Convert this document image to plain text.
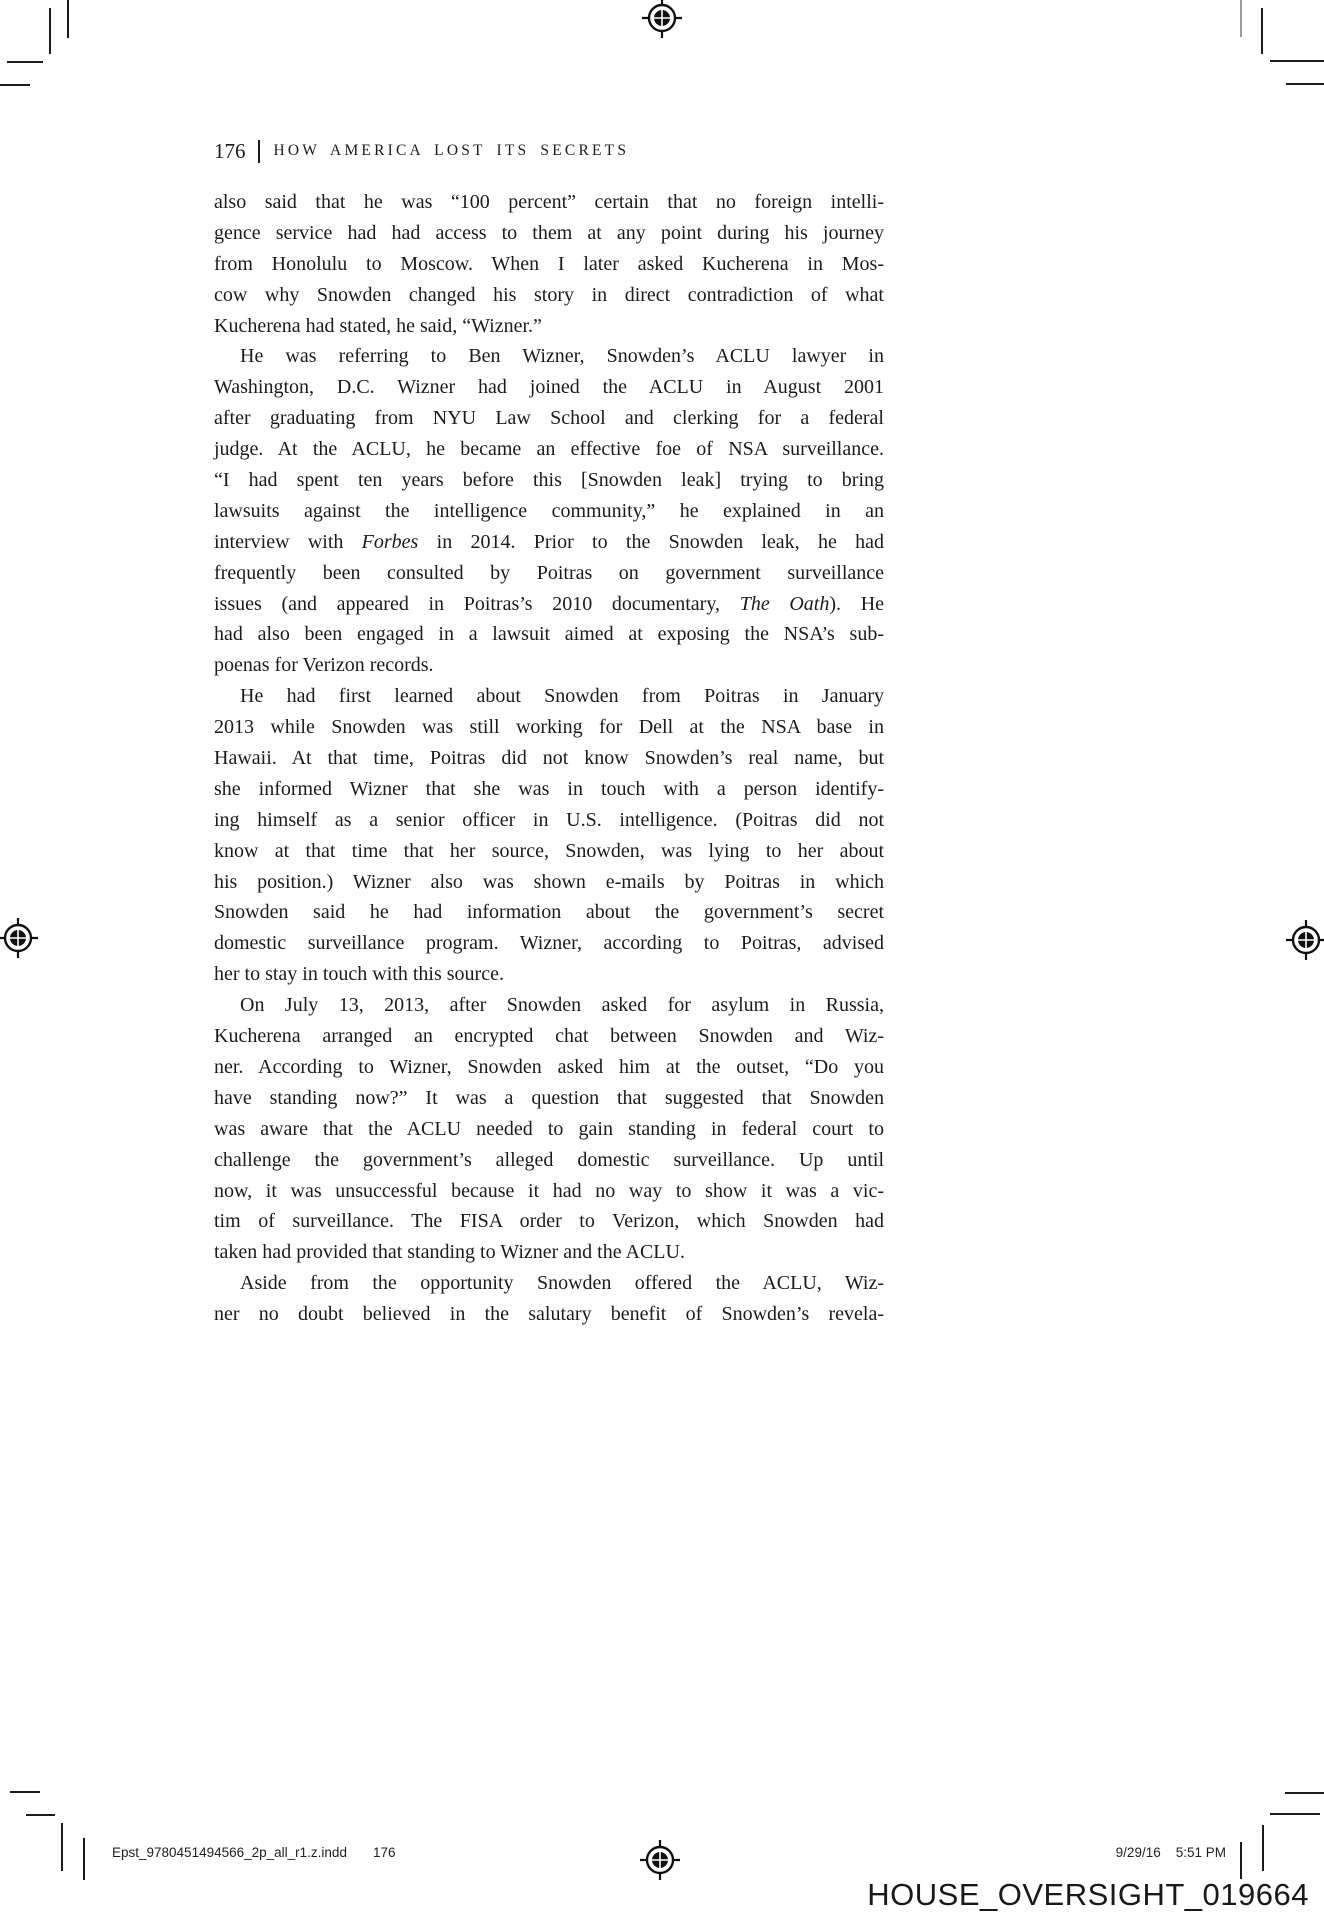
176 HOW AMERICA LOST ITS SECRETS
also said that he was “100 percent” certain that no foreign intelli-
gence service had had access to them at any point during his journey
from Honolulu to Moscow. When I later asked Kucherena in Mos-
cow why Snowden changed his story in direct contradiction of what
Kucherena had stated, he said, “Wizner.”
He was referring to Ben Wizner, Snowden’s ACLU lawyer in
Washington, D.C. Wizner had joined the ACLU in August 2001
after graduating from NYU Law School and clerking for a federal
judge. At the ACLU, he became an effective foe of NSA surveillance.
“I had spent ten years before this [Snowden leak] trying to bring
lawsuits against the intelligence community,” he explained in an
interview with Forbes in 2014. Prior to the Snowden leak, he had
frequently been consulted by Poitras on government surveillance
issues (and appeared in Poitras’s 2010 documentary, The Oath). He
had also been engaged in a lawsuit aimed at exposing the NSA’s sub-
poenas for Verizon records.
He had first learned about Snowden from Poitras in January
2013 while Snowden was still working for Dell at the NSA base in
Hawaii. At that time, Poitras did not know Snowden’s real name, but
she informed Wizner that she was in touch with a person identify-
ing himself as a senior officer in U.S. intelligence. (Poitras did not
know at that time that her source, Snowden, was lying to her about
his position.) Wizner also was shown e-mails by Poitras in which
Snowden said he had information about the government’s secret
domestic surveillance program. Wizner, according to Poitras, advised
her to stay in touch with this source.
On July 13, 2013, after Snowden asked for asylum in Russia,
Kucherena arranged an encrypted chat between Snowden and Wiz-
ner. According to Wizner, Snowden asked him at the outset, “Do you
have standing now?” It was a question that suggested that Snowden
was aware that the ACLU needed to gain standing in federal court to
challenge the government’s alleged domestic surveillance. Up until
now, it was unsuccessful because it had no way to show it was a vic-
tim of surveillance. The FISA order to Verizon, which Snowden had
taken had provided that standing to Wizner and the ACLU.
Aside from the opportunity Snowden offered the ACLU, Wiz-
ner no doubt believed in the salutary benefit of Snowden’s revela-
Epst_9780451494566_2p_all_r1.z.indd 176	9/29/16 5:51 PM
HOUSE_OVERSIGHT_019664
